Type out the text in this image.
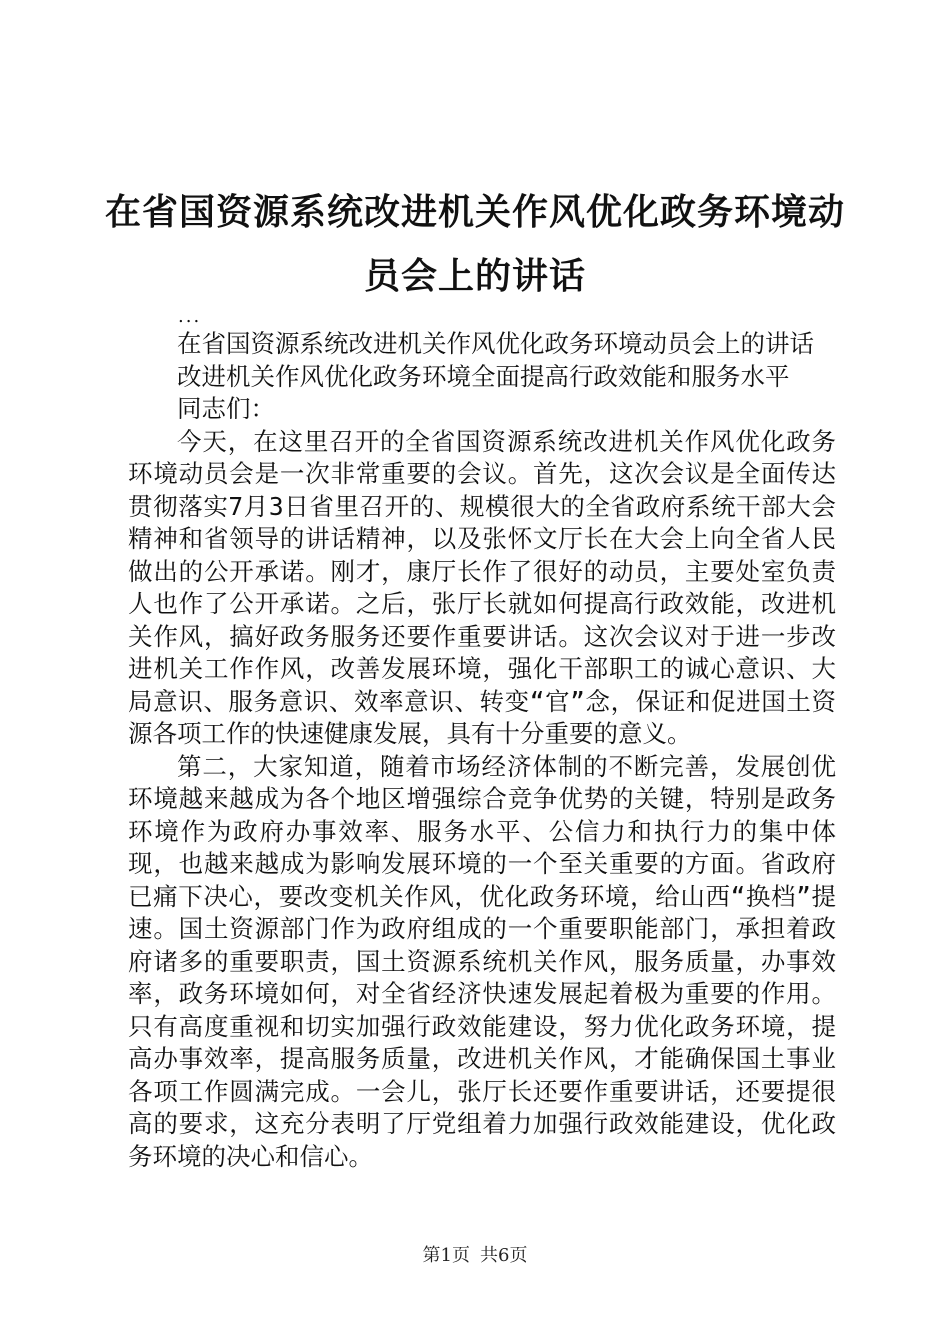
在省国资源系统改进机关作风优化政务环境动员会上的讲话
...

在省国资源系统改进机关作风优化政务环境动员会上的讲话

改进机关作风优化政务环境全面提高行政效能和服务水平

同志们：

今天，在这里召开的全省国资源系统改进机关作风优化政务环境动员会是一次非常重要的会议。首先，这次会议是全面传达贯彻落实7月3日省里召开的、规模很大的全省政府系统干部大会精神和省领导的讲话精神，以及张怀文厅长在大会上向全省人民做出的公开承诺。刚才，康厅长作了很好的动员，主要处室负责人也作了公开承诺。之后，张厅长就如何提高行政效能，改进机关作风，搞好政务服务还要作重要讲话。这次会议对于进一步改进机关工作作风，改善发展环境，强化干部职工的诚心意识、大局意识、服务意识、效率意识、转变“官”念，保证和促进国土资源各项工作的快速健康发展，具有十分重要的意义。

第二，大家知道，随着市场经济体制的不断完善，发展创优环境越来越成为各个地区增强综合竞争优势的关键，特别是政务环境作为政府办事效率、服务水平、公信力和执行力的集中体现，也越来越成为影响发展环境的一个至关重要的方面。省政府已痛下决心，要改变机关作风，优化政务环境，给山西“换档”提速。国土资源部门作为政府组成的一个重要职能部门，承担着政府诸多的重要职责，国土资源系统机关作风，服务质量，办事效率，政务环境如何，对全省经济快速发展起着极为重要的作用。只有高度重视和切实加强行政效能建设，努力优化政务环境，提高办事效率，提高服务质量，改进机关作风，才能确保国土事业各项工作圆满完成。一会儿，张厅长还要作重要讲话，还要提很高的要求，这充分表明了厅党组着力加强行政效能建设，优化政务环境的决心和信心。

第1页 共6页
